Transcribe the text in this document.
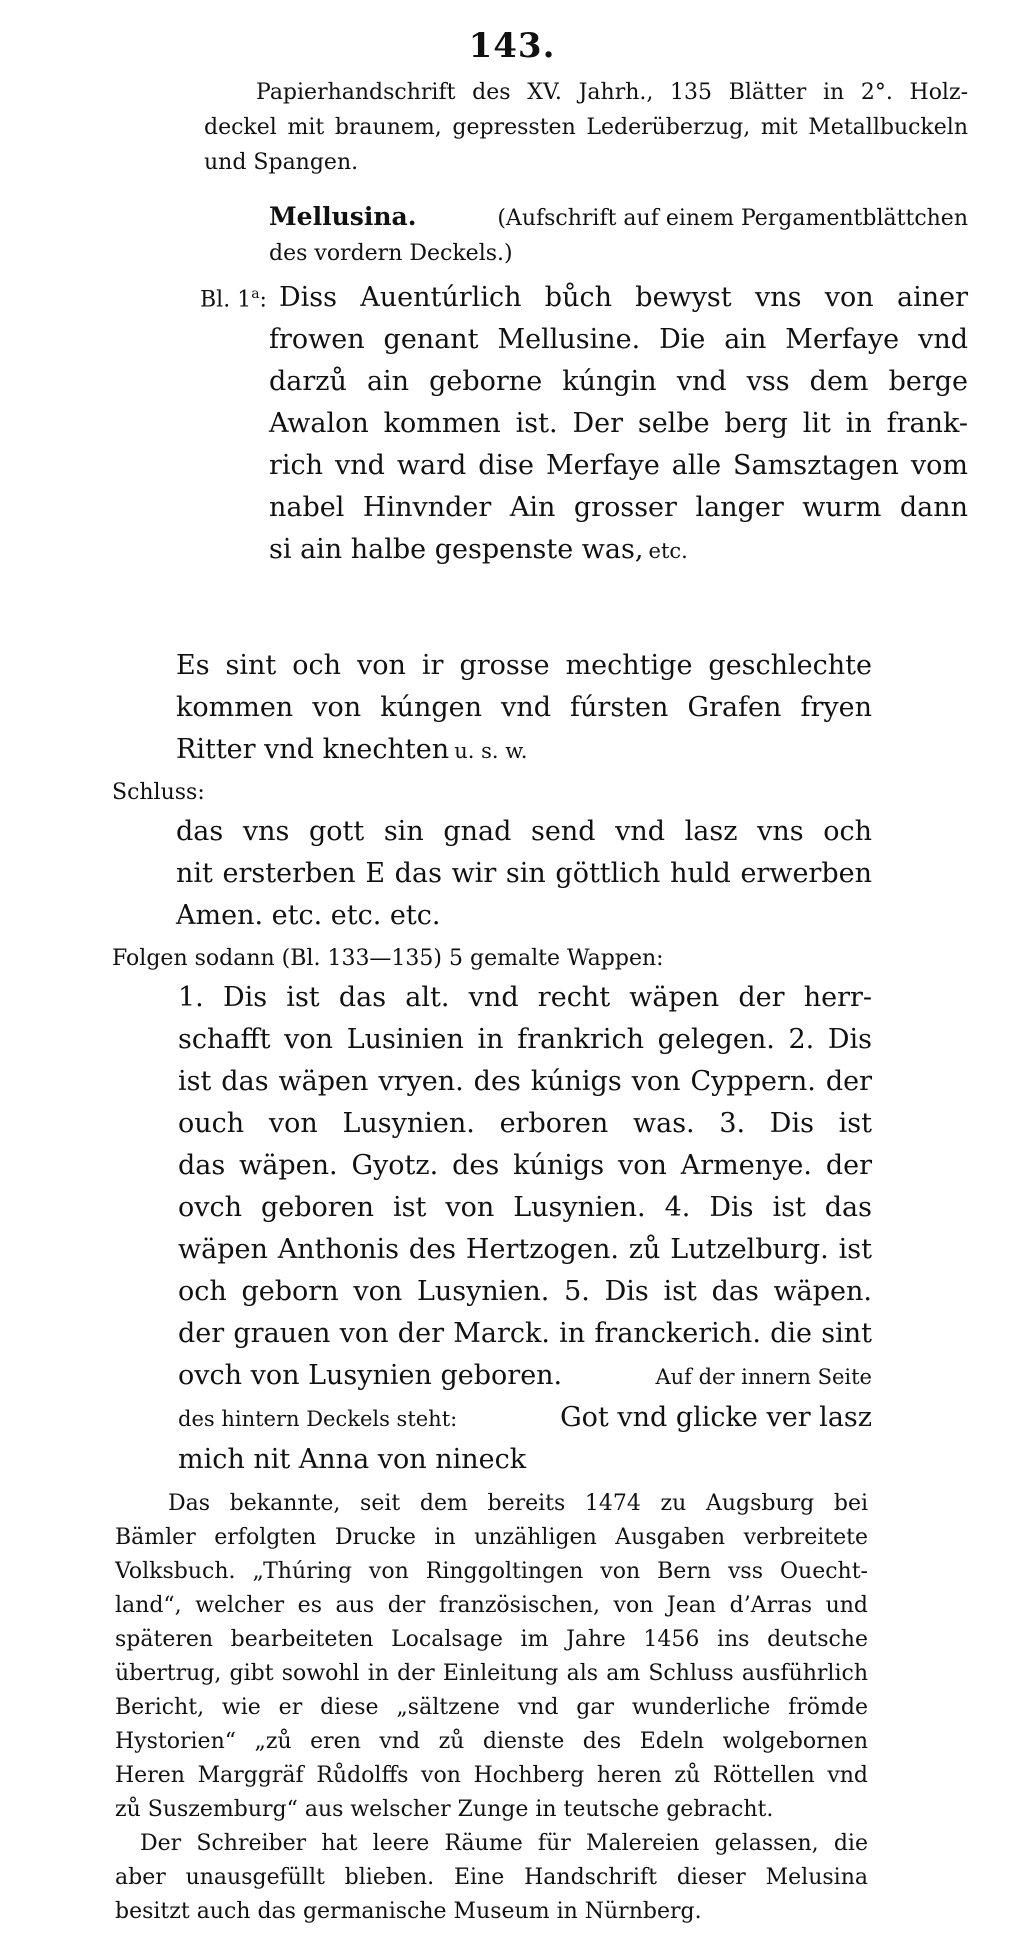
143.
Papierhandschrift des XV. Jahrh., 135 Blätter in 2°. Holz-
deckel mit braunem, gepressten Lederüberzug, mit Metallbuckeln
und Spangen.
Mellusina.	(Aufschrift auf einem Pergamentblättchen
des vordern Deckels.)
Bl. 1$^a$: Diss Auentúrlich bůch bewyst vns von ainer
frowen genant Mellusine. Die ain Merfaye vnd
darzů ain geborne kúngin vnd vss dem berge
Awalon kommen ist. Der selbe berg lit in frank-
rich vnd ward dise Merfaye alle Samsztagen vom
nabel Hinvnder Ain grosser langer wurm dann
si ain halbe gespenste was, etc.
Es sint och von ir grosse mechtige geschlechte
kommen von kúngen vnd fúrsten Grafen fryen
Ritter vnd knechten u. s. w.
Schluss:
das vns gott sin gnad send vnd lasz vns och
nit ersterben E das wir sin göttlich huld erwerben
Amen. etc. etc. etc.
Folgen sodann (Bl. 133—135) 5 gemalte Wappen:
1. Dis ist das alt. vnd recht wäpen der herr-
schafft von Lusinien in frankrich gelegen. 2. Dis
ist das wäpen vryen. des kúnigs von Cyppern. der
ouch von Lusynien. erboren was. 3. Dis ist
das wäpen. Gyotz. des kúnigs von Armenye. der
ovch geboren ist von Lusynien. 4. Dis ist das
wäpen Anthonis des Hertzogen. zů Lutzelburg. ist
och geborn von Lusynien. 5. Dis ist das wäpen.
der grauen von der Marck. in franckerich. die sint
ovch von Lusynien geboren.	Auf der innern Seite
des hintern Deckels steht:	Got vnd glicke ver lasz
mich nit Anna von nineck
Das bekannte, seit dem bereits 1474 zu Augsburg bei
Bämler erfolgten Drucke in unzähligen Ausgaben verbreitete
Volksbuch. „Thúring von Ringgoltingen von Bern vss Ouecht-
land“, welcher es aus der französischen, von Jean d’Arras und
späteren bearbeiteten Localsage im Jahre 1456 ins deutsche
übertrug, gibt sowohl in der Einleitung als am Schluss ausführlich
Bericht, wie er diese „sältzene vnd gar wunderliche frömde
Hystorien“ „zů eren vnd zů dienste des Edeln wolgebornen
Heren Marggräf Růdolffs von Hochberg heren zů Röttellen vnd
zů Suszemburg“ aus welscher Zunge in teutsche gebracht.
Der Schreiber hat leere Räume für Malereien gelassen, die
aber unausgefüllt blieben. Eine Handschrift dieser Melusina
besitzt auch das germanische Museum in Nürnberg.
